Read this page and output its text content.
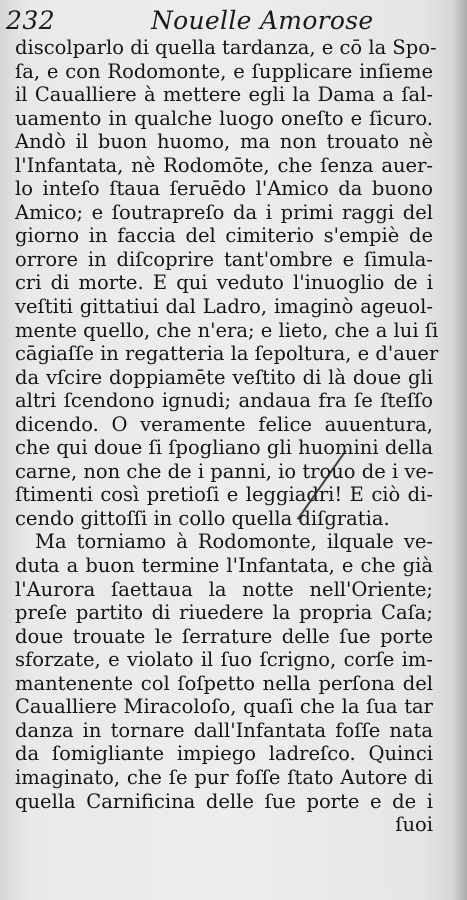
232	Nouelle Amorose
discolparlo di quella tardanza, e cō la Spo-
ſa, e con Rodomonte, e ſupplicare inſieme
il Caualliere à mettere egli la Dama a ſal-
uamento in qualche luogo oneſto e ſicuro.
Andò il buon huomo, ma non trouato nè
l'Infantata, nè Rodomōte, che ſenza auer-
lo inteſo ſtaua ſeruēdo l'Amico da buono
Amico; e ſoutrapreſo da i primi raggi del
giorno in faccia del cimiterio s'empiè de
orrore in diſcoprire tant'ombre e ſimula-
cri di morte. E qui veduto l'inuoglio de i
veſtiti gittatiui dal Ladro, imaginò ageuol-
mente quello, che n'era; e lieto, che a lui ſi
cāgiaſſe in regatteria la ſepoltura, e d'auer
da vſcire doppiamēte veſtito di là doue gli
altri ſcendono ignudi; andaua fra ſe ſteſſo
dicendo. O veramente felice auuentura,
che qui doue ſi ſpogliano gli huomini della
carne, non che de i panni, io trouo de i ve-
ſtimenti così pretioſi e leggiadri! E ciò di-
cendo gittoſſi in collo quella diſgratia.
Ma torniamo à Rodomonte, ilquale ve-
duta a buon termine l'Infantata, e che già
l'Aurora ſaettaua la notte nell'Oriente;
preſe partito di riuedere la propria Caſa;
doue trouate le ſerrature delle ſue porte
sforzate, e violato il ſuo ſcrigno, corſe im-
mantenente col ſoſpetto nella perſona del
Caualliere Miracoloſo, quaſi che la ſua tar
danza in tornare dall'Infantata foſſe nata
da ſomigliante impiego ladreſco. Quinci
imaginato, che ſe pur foſſe ſtato Autore di
quella Carnificina delle ſue porte e de i
ſuoi
